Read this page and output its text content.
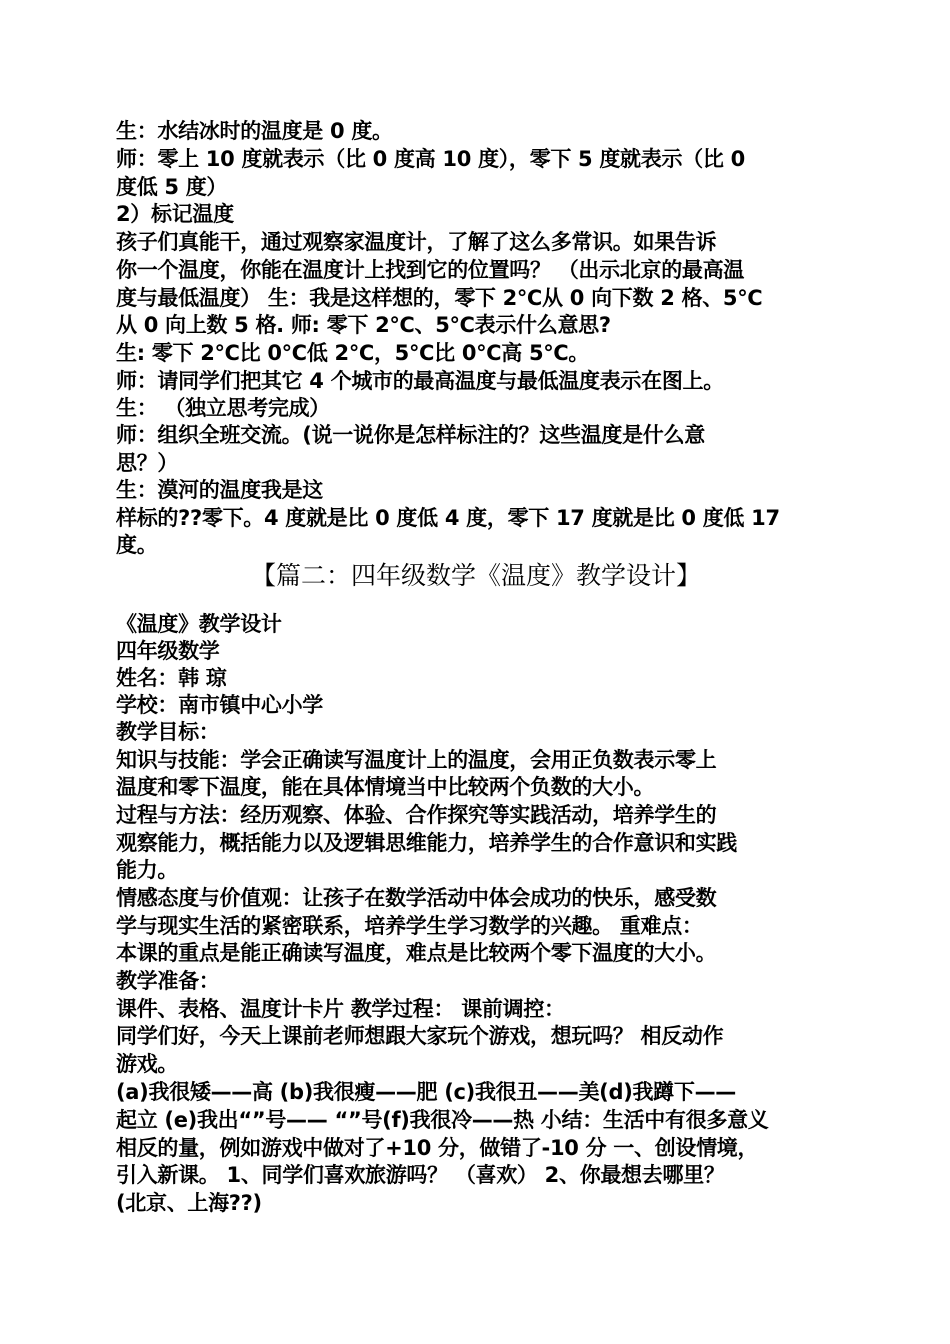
生：水结冰时的温度是 0 度。
师：零上 10 度就表示（比 0 度高 10 度），零下 5 度就表示（比 0
度低 5 度）
2）标记温度
孩子们真能干，通过观察家温度计，了解了这么多常识。如果告诉
你一个温度，你能在温度计上找到它的位置吗？ （出示北京的最高温
度与最低温度） 生：我是这样想的，零下 2℃从 0 向下数 2 格、5℃
从 0 向上数 5 格. 师: 零下 2℃、5℃表示什么意思?
生: 零下 2℃比 0℃低 2℃，5℃比 0℃高 5℃。
师：请同学们把其它 4 个城市的最高温度与最低温度表示在图上。
生： （独立思考完成）
师：组织全班交流。(说一说你是怎样标注的？这些温度是什么意
思？）
生：漠河的温度我是这
样标的??零下。4 度就是比 0 度低 4 度，零下 17 度就是比 0 度低 17
度。
【篇二：四年级数学《温度》教学设计】
《温度》教学设计
四年级数学
姓名：韩 琼
学校：南市镇中心小学
教学目标：
知识与技能：学会正确读写温度计上的温度，会用正负数表示零上
温度和零下温度，能在具体情境当中比较两个负数的大小。
过程与方法：经历观察、体验、合作探究等实践活动，培养学生的
观察能力，概括能力以及逻辑思维能力，培养学生的合作意识和实践
能力。
情感态度与价值观：让孩子在数学活动中体会成功的快乐，感受数
学与现实生活的紧密联系，培养学生学习数学的兴趣。 重难点：
本课的重点是能正确读写温度，难点是比较两个零下温度的大小。
教学准备：
课件、表格、温度计卡片 教学过程： 课前调控：
同学们好，今天上课前老师想跟大家玩个游戏，想玩吗？ 相反动作
游戏。
(a)我很矮——高 (b)我很瘦——肥 (c)我很丑——美(d)我蹲下——
起立 (e)我出“”号—— “”号(f)我很冷——热 小结：生活中有很多意义
相反的量，例如游戏中做对了+10 分，做错了-10 分 一、创设情境，
引入新课。 1、同学们喜欢旅游吗？ （喜欢） 2、你最想去哪里？
(北京、上海??)
